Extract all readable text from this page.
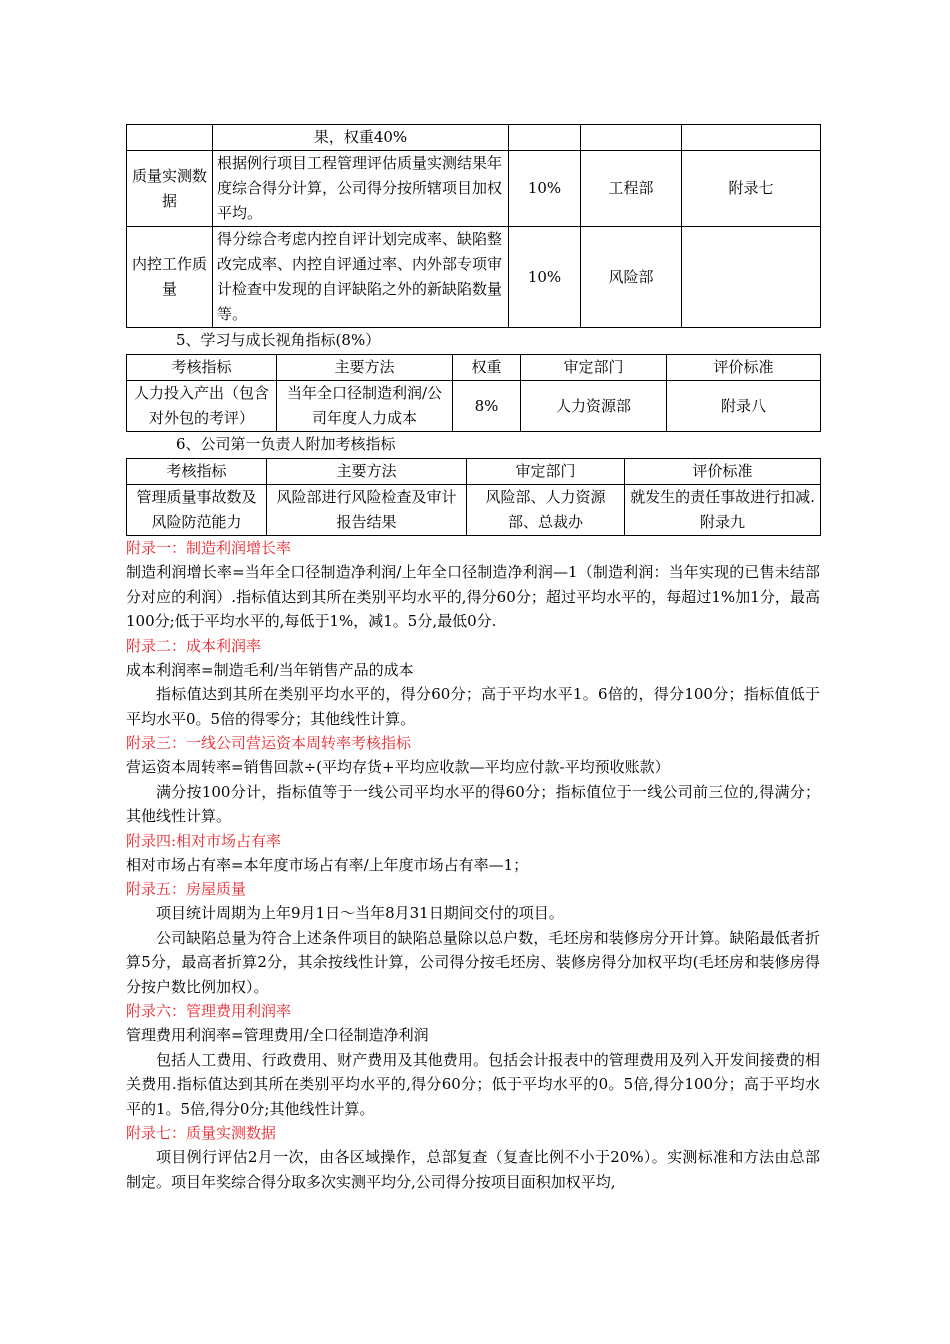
	果，权重40%			
质量实测数据	根据例行项目工程管理评估质量实测结果年度综合得分计算，公司得分按所辖项目加权平均。	10%	工程部	附录七
内控工作质量	得分综合考虑内控自评计划完成率、缺陷整改完成率、内控自评通过率、内外部专项审计检查中发现的自评缺陷之外的新缺陷数量等。	10%	风险部	
5、学习与成长视角指标(8%）
考核指标	主要方法	权重	审定部门	评价标准
人力投入产出（包含对外包的考评）	当年全口径制造利润/公司年度人力成本	8%	人力资源部	附录八
6、公司第一负责人附加考核指标
考核指标	主要方法	审定部门	评价标准
管理质量事故数及风险防范能力	风险部进行风险检查及审计报告结果	风险部、人力资源部、总裁办	就发生的责任事故进行扣减.附录九
附录一：制造利润增长率
制造利润增长率=当年全口径制造净利润/上年全口径制造净利润—1（制造利润：当年实现的已售未结部分对应的利润）.指标值达到其所在类别平均水平的,得分60分；超过平均水平的，每超过1%加1分，最高100分;低于平均水平的,每低于1%，减1。5分,最低0分.
附录二：成本利润率
成本利润率=制造毛利/当年销售产品的成本
指标值达到其所在类别平均水平的，得分60分；高于平均水平1。6倍的，得分100分；指标值低于平均水平0。5倍的得零分；其他线性计算。
附录三：一线公司营运资本周转率考核指标
营运资本周转率=销售回款÷(平均存货+平均应收款—平均应付款-平均预收账款）
满分按100分计，指标值等于一线公司平均水平的得60分；指标值位于一线公司前三位的,得满分；其他线性计算。
附录四:相对市场占有率
相对市场占有率=本年度市场占有率/上年度市场占有率—1；
附录五：房屋质量
项目统计周期为上年9月1日～当年8月31日期间交付的项目。
公司缺陷总量为符合上述条件项目的缺陷总量除以总户数，毛坯房和装修房分开计算。缺陷最低者折算5分，最高者折算2分，其余按线性计算，公司得分按毛坯房、装修房得分加权平均(毛坯房和装修房得分按户数比例加权）。
附录六：管理费用利润率
管理费用利润率=管理费用/全口径制造净利润
包括人工费用、行政费用、财产费用及其他费用。包括会计报表中的管理费用及列入开发间接费的相关费用.指标值达到其所在类别平均水平的,得分60分；低于平均水平的0。5倍,得分100分；高于平均水平的1。5倍,得分0分;其他线性计算。
附录七：质量实测数据
项目例行评估2月一次，由各区域操作，总部复查（复查比例不小于20%）。实测标准和方法由总部制定。项目年奖综合得分取多次实测平均分,公司得分按项目面积加权平均,
